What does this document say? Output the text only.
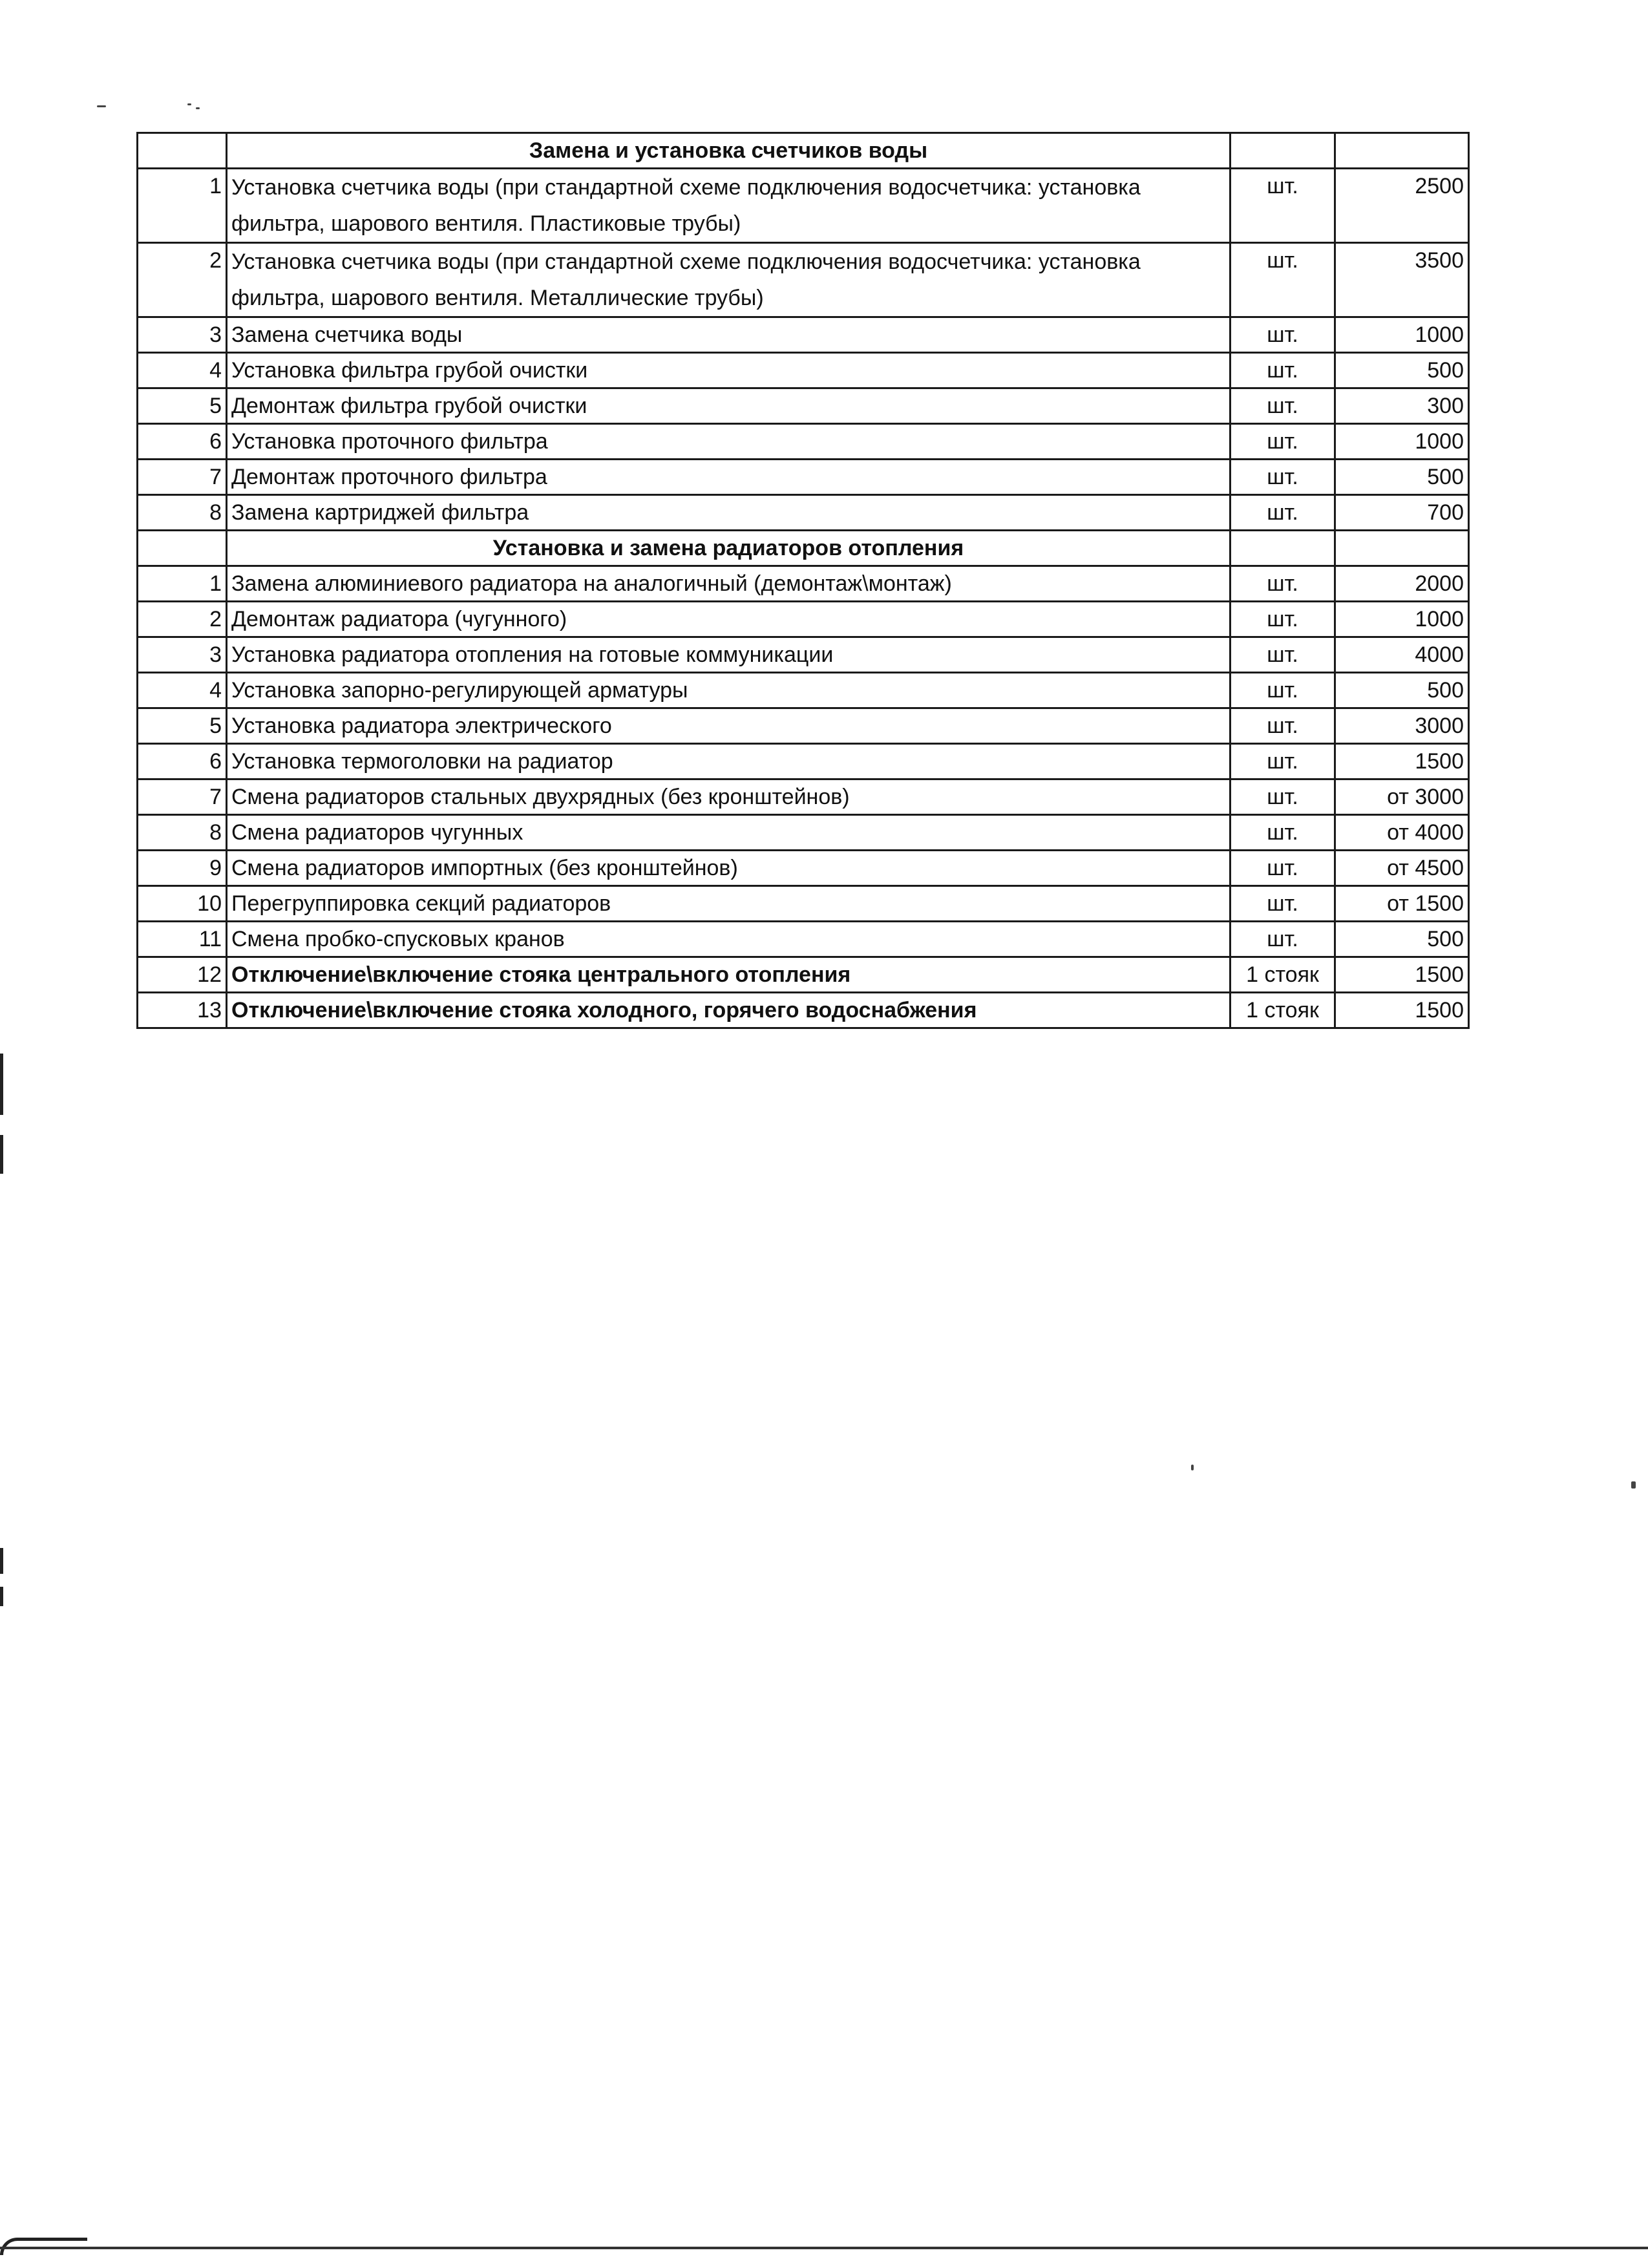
	Замена и установка счетчиков воды		
1	Установка счетчика воды (при стандартной схеме подключения водосчетчика: установка фильтра, шарового вентиля. Пластиковые трубы)	шт.	2500
2	Установка счетчика воды (при стандартной схеме подключения водосчетчика: установка фильтра, шарового вентиля. Металлические трубы)	шт.	3500
3	Замена счетчика воды	шт.	1000
4	Установка фильтра грубой очистки	шт.	500
5	Демонтаж фильтра грубой очистки	шт.	300
6	Установка проточного фильтра	шт.	1000
7	Демонтаж проточного фильтра	шт.	500
8	Замена картриджей фильтра	шт.	700
	Установка и замена радиаторов отопления		
1	Замена алюминиевого радиатора на аналогичный (демонтаж\монтаж)	шт.	2000
2	Демонтаж радиатора (чугунного)	шт.	1000
3	Установка радиатора отопления на готовые коммуникации	шт.	4000
4	Установка запорно-регулирующей арматуры	шт.	500
5	Установка радиатора электрического	шт.	3000
6	Установка термоголовки на радиатор	шт.	1500
7	Смена радиаторов стальных двухрядных (без кронштейнов)	шт.	от 3000
8	Смена радиаторов чугунных	шт.	от 4000
9	Смена радиаторов импортных (без кронштейнов)	шт.	от 4500
10	Перегруппировка секций радиаторов	шт.	от 1500
11	Смена пробко-спусковых кранов	шт.	500
12	Отключение\включение стояка центрального отопления	1 стояк	1500
13	Отключение\включение стояка холодного, горячего водоснабжения	1 стояк	1500
